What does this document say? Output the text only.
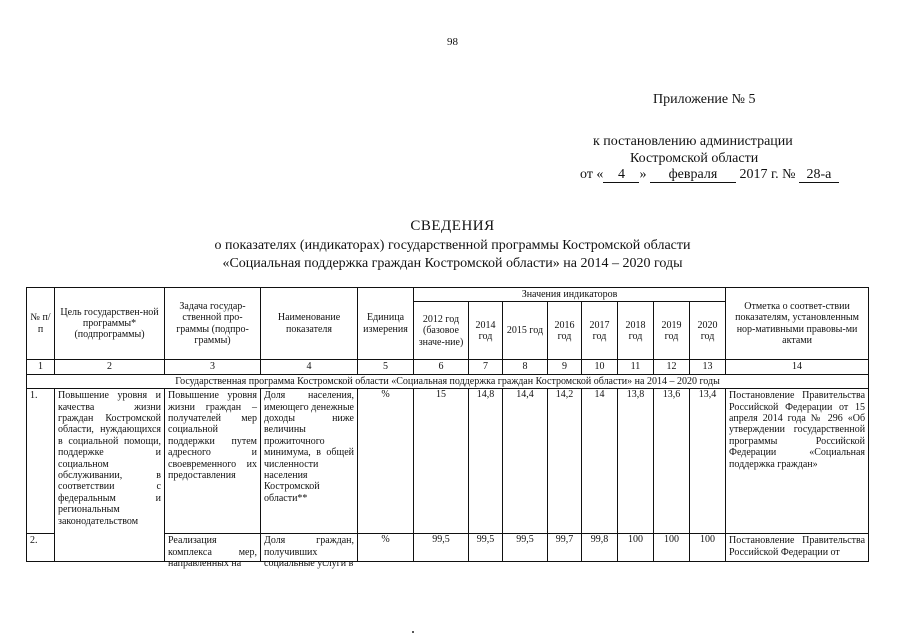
98
Приложение № 5
к постановлению администрации
Костромской области
от « 4 » февраля 2017 г. № 28-а
СВЕДЕНИЯ
о показателях (индикаторах) государственной программы Костромской области
«Социальная поддержка граждан Костромской области» на 2014 – 2020 годы
№ п/п	Цель государствен-ной программы* (подпрограммы)	Задача государ-ственной про-граммы (подпро-граммы)	Наименование показателя	Единица измерения	Значения индикаторов								Отметка о соответ-ствии показателям, установленным нор-мативными правовы-ми актами
					2012 год (базовое значе-ние)	2014 год	2015 год	2016 год	2017 год	2018 год	2019 год	2020 год	
1	2	3	4	5	6	7	8	9	10	11	12	13	14
Государственная программа Костромской области «Социальная поддержка граждан Костромской области» на 2014 – 2020 годы													
1.	Повышение уровня и качества жизни граждан Костромской области, нуждающихся в социальной помощи, поддержке и социальном обслуживании, в соответствии с федеральным и региональным законодательством	Повышение уровня жизни граждан – получателей мер социальной поддержки путем адресного и своевременного их предоставления	Доля населения, имеющего денежные доходы ниже величины прожиточного минимума, в общей численности населения Костромской области**	%	15	14,8	14,4	14,2	14	13,8	13,6	13,4	Постановление Правительства Российской Федерации от 15 апреля 2014 года № 296 «Об утверждении государственной программы Российской Федерации «Социальная поддержка граждан»
2.		Реализация комплекса мер, направленных на	Доля граждан, получивших социальные услуги в	%	99,5	99,5	99,5	99,7	99,8	100	100	100	Постановление Правительства Российской Федерации от
